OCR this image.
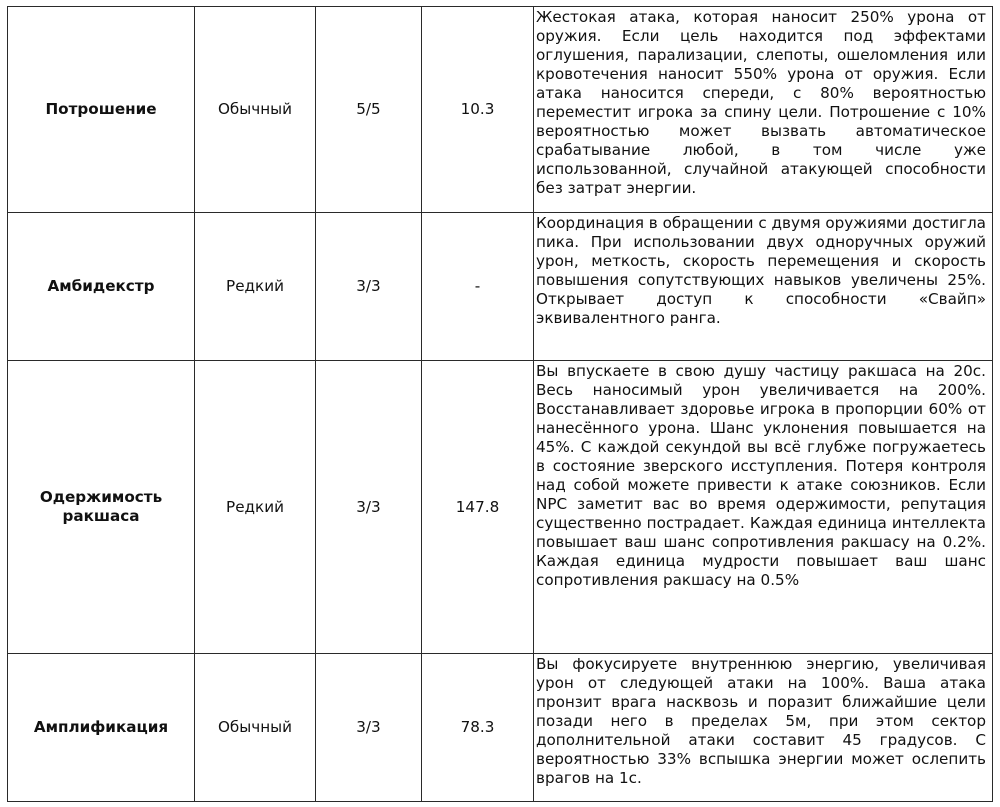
Потрошение	Обычный	5/5	10.3	Жестокая атака, которая наносит 250% урона от оружия. Если цель находится под эффектами оглушения, парализации, слепоты, ошеломления или кровотечения наносит 550% урона от оружия. Если атака наносится спереди, с 80% вероятностью переместит игрока за спину цели. Потрошение с 10% вероятностью может вызвать автоматическое срабатывание любой, в том числе уже использованной, случайной атакующей способности без затрат энергии.
Амбидекстр	Редкий	3/3	-	Координация в обращении с двумя оружиями достигла пика. При использовании двух одноручных оружий урон, меткость, скорость перемещения и скорость повышения сопутствующих навыков увеличены 25%. Открывает доступ к способности «Свайп» эквивалентного ранга.
Одержимость ракшаса	Редкий	3/3	147.8	Вы впускаете в свою душу частицу ракшаса на 20с. Весь наносимый урон увеличивается на 200%. Восстанавливает здоровье игрока в пропорции 60% от нанесённого урона. Шанс уклонения повышается на 45%. С каждой секундой вы всё глубже погружаетесь в состояние зверского исступления. Потеря контроля над собой можете привести к атаке союзников. Если NPC заметит вас во время одержимости, репутация существенно пострадает. Каждая единица интеллекта повышает ваш шанс сопротивления ракшасу на 0.2%. Каждая единица мудрости повышает ваш шанс сопротивления ракшасу на 0.5%
Амплификация	Обычный	3/3	78.3	Вы фокусируете внутреннюю энергию, увеличивая урон от следующей атаки на 100%. Ваша атака пронзит врага насквозь и поразит ближайшие цели позади него в пределах 5м, при этом сектор дополнительной атаки составит 45 градусов. С вероятностью 33% вспышка энергии может ослепить врагов на 1с.
